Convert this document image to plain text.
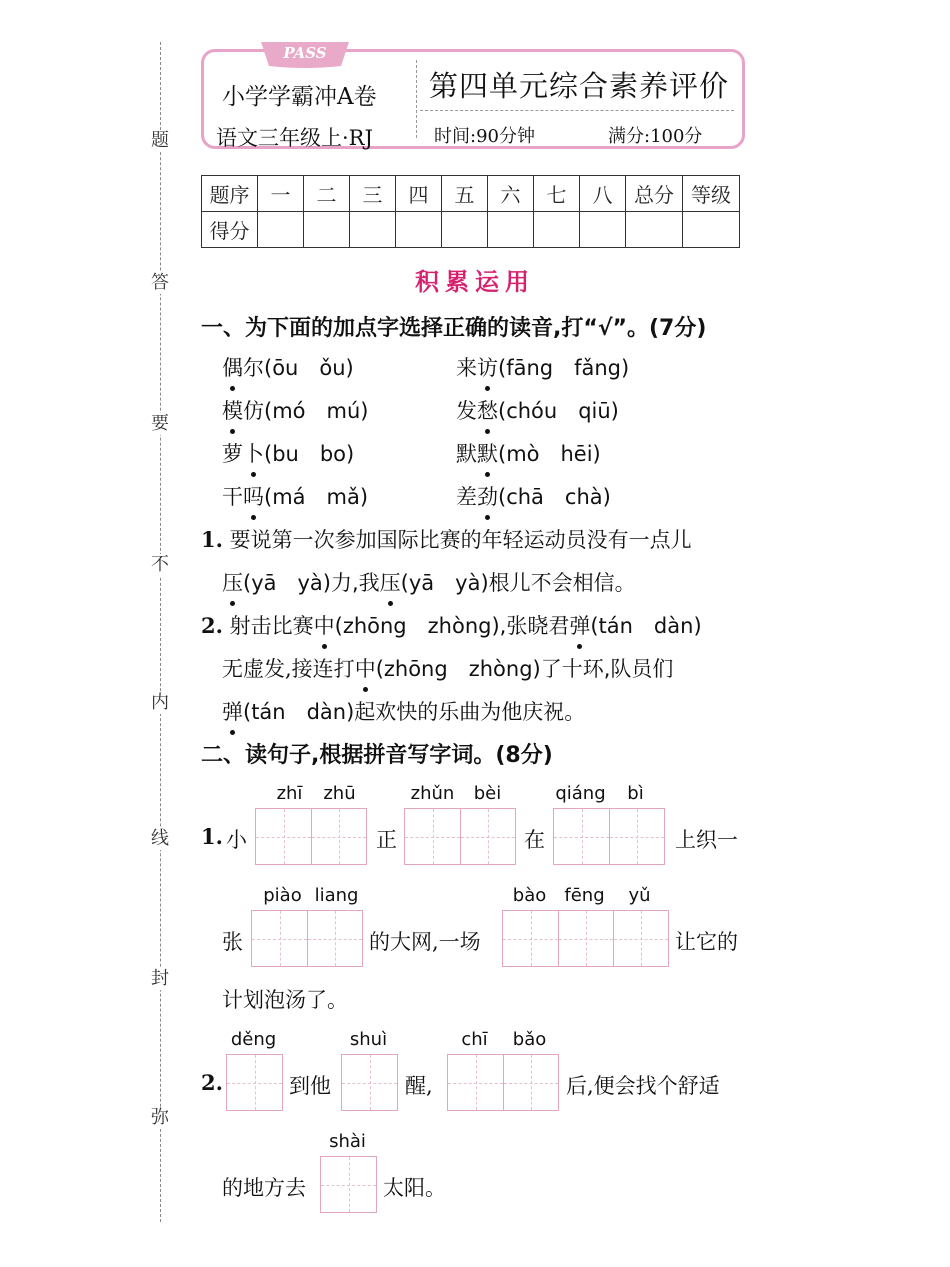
题
答
要
不
内
线
封
弥
小学学霸冲A卷
语文三年级上·RJ
第四单元综合素养评价
时间:90分钟	满分:100分
PASS
题序	一	二	三	四	五	六	七	八	总分	等级
得分										
积累运用
一、为下面的加点字选择正确的读音,打“√”。(7分)
偶尔(ōu　ǒu)	来访(fāng　fǎng)
模仿(mó　mú)	发愁(chóu　qiū)
萝卜(bu　bo)	默默(mò　hēi)
干吗(má　mǎ)	差劲(chā　chà)
1. 要说第一次参加国际比赛的年轻运动员没有一点儿
压(yā　yà)力,我压(yā　yà)根儿不会相信。
2. 射击比赛中(zhōng　zhòng),张晓君弹(tán　dàn)
无虚发,接连打中(zhōng　zhòng)了十环,队员们
弹(tán　dàn)起欢快的乐曲为他庆祝。
二、读句子,根据拼音写字词。(8分)
zhī	zhū	zhǔn	bèi	qiáng	bì
1. 小	正	在	上织一
piào liang	bào	fēng	yǔ
张	的大网,一场	让它的
计划泡汤了。
děng	shuì	chī	bǎo
2.	到他	醒,	后,便会找个舒适
shài
的地方去	太阳。
